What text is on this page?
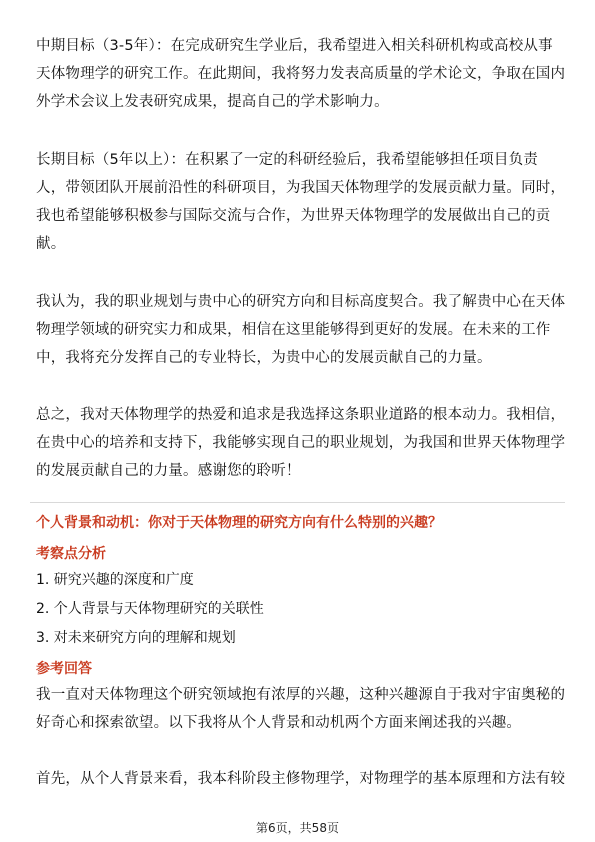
中期目标（3-5年）：在完成研究生学业后，我希望进入相关科研机构或高校从事
天体物理学的研究工作。在此期间，我将努力发表高质量的学术论文，争取在国内
外学术会议上发表研究成果，提高自己的学术影响力。

长期目标（5年以上）：在积累了一定的科研经验后，我希望能够担任项目负责
人，带领团队开展前沿性的科研项目，为我国天体物理学的发展贡献力量。同时，
我也希望能够积极参与国际交流与合作，为世界天体物理学的发展做出自己的贡
献。

我认为，我的职业规划与贵中心的研究方向和目标高度契合。我了解贵中心在天体
物理学领域的研究实力和成果，相信在这里能够得到更好的发展。在未来的工作
中，我将充分发挥自己的专业特长，为贵中心的发展贡献自己的力量。

总之，我对天体物理学的热爱和追求是我选择这条职业道路的根本动力。我相信，
在贵中心的培养和支持下，我能够实现自己的职业规划，为我国和世界天体物理学
的发展贡献自己的力量。感谢您的聆听！

个人背景和动机：你对于天体物理的研究方向有什么特别的兴趣？
考察点分析
1. 研究兴趣的深度和广度
2. 个人背景与天体物理研究的关联性
3. 对未来研究方向的理解和规划
参考回答

我一直对天体物理这个研究领域抱有浓厚的兴趣，这种兴趣源自于我对宇宙奥秘的
好奇心和探索欲望。以下我将从个人背景和动机两个方面来阐述我的兴趣。

首先，从个人背景来看，我本科阶段主修物理学，对物理学的基本原理和方法有较

第6页，共58页
